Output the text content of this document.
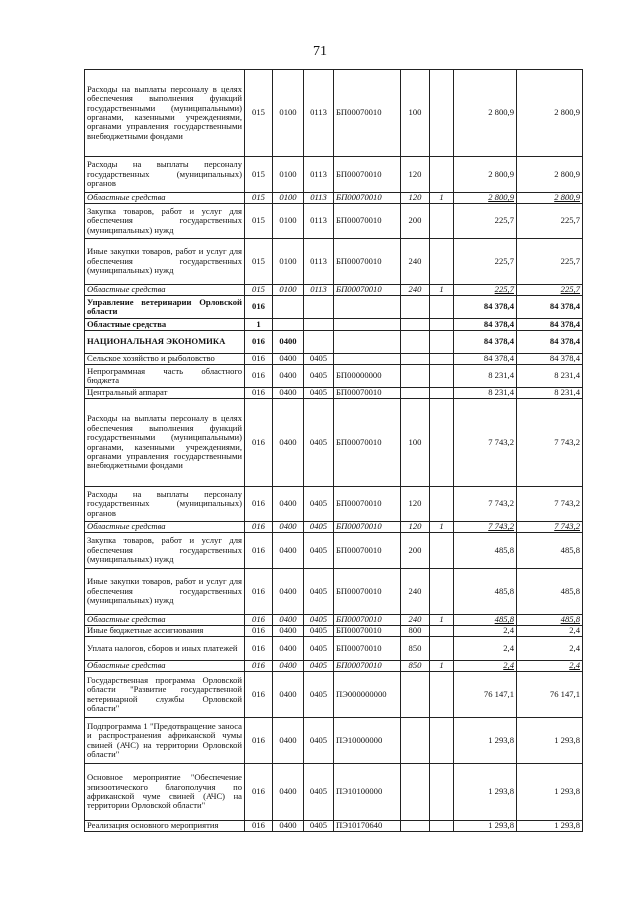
71
Расходы на выплаты персоналу в целях обеспечения выполнения функций государственными (муниципальными) органами, казенными учреждениями, органами управления государственными внебюджетными фондами	015	0100	0113	БП00070010	100		2 800,9	2 800,9
Расходы на выплаты персоналу государственных (муниципальных) органов	015	0100	0113	БП00070010	120		2 800,9	2 800,9
Областные средства	015	0100	0113	БП00070010	120	1	2 800,9	2 800,9
Закупка товаров, работ и услуг для обеспечения государственных (муниципальных) нужд	015	0100	0113	БП00070010	200		225,7	225,7
Иные закупки товаров, работ и услуг для обеспечения государственных (муниципальных) нужд	015	0100	0113	БП00070010	240		225,7	225,7
Областные средства	015	0100	0113	БП00070010	240	1	225,7	225,7
Управление ветеринарии Орловской области	016						84 378,4	84 378,4
Областные средства	1						84 378,4	84 378,4
НАЦИОНАЛЬНАЯ ЭКОНОМИКА	016	0400					84 378,4	84 378,4
Сельское хозяйство и рыболовство	016	0400	0405				84 378,4	84 378,4
Непрограммная часть областного бюджета	016	0400	0405	БП00000000			8 231,4	8 231,4
Центральный аппарат	016	0400	0405	БП00070010			8 231,4	8 231,4
Расходы на выплаты персоналу в целях обеспечения выполнения функций государственными (муниципальными) органами, казенными учреждениями, органами управления государственными внебюджетными фондами	016	0400	0405	БП00070010	100		7 743,2	7 743,2
Расходы на выплаты персоналу государственных (муниципальных) органов	016	0400	0405	БП00070010	120		7 743,2	7 743,2
Областные средства	016	0400	0405	БП00070010	120	1	7 743,2	7 743,2
Закупка товаров, работ и услуг для обеспечения государственных (муниципальных) нужд	016	0400	0405	БП00070010	200		485,8	485,8
Иные закупки товаров, работ и услуг для обеспечения государственных (муниципальных) нужд	016	0400	0405	БП00070010	240		485,8	485,8
Областные средства	016	0400	0405	БП00070010	240	1	485,8	485,8
Иные бюджетные ассигнования	016	0400	0405	БП00070010	800		2,4	2,4
Уплата налогов, сборов и иных платежей	016	0400	0405	БП00070010	850		2,4	2,4
Областные средства	016	0400	0405	БП00070010	850	1	2,4	2,4
Государственная программа Орловской области "Развитие государственной ветеринарной службы Орловской области"	016	0400	0405	ПЭ000000000			76 147,1	76 147,1
Подпрограмма 1 "Предотвращение заноса и распространения африканской чумы свиней (АЧС) на территории Орловской области"	016	0400	0405	ПЭ10000000			1 293,8	1 293,8
Основное мероприятие "Обеспечение эпизоотического благополучия по африканской чуме свиней (АЧС) на территории Орловской области"	016	0400	0405	ПЭ10100000			1 293,8	1 293,8
Реализация основного мероприятия	016	0400	0405	ПЭ10170640			1 293,8	1 293,8
